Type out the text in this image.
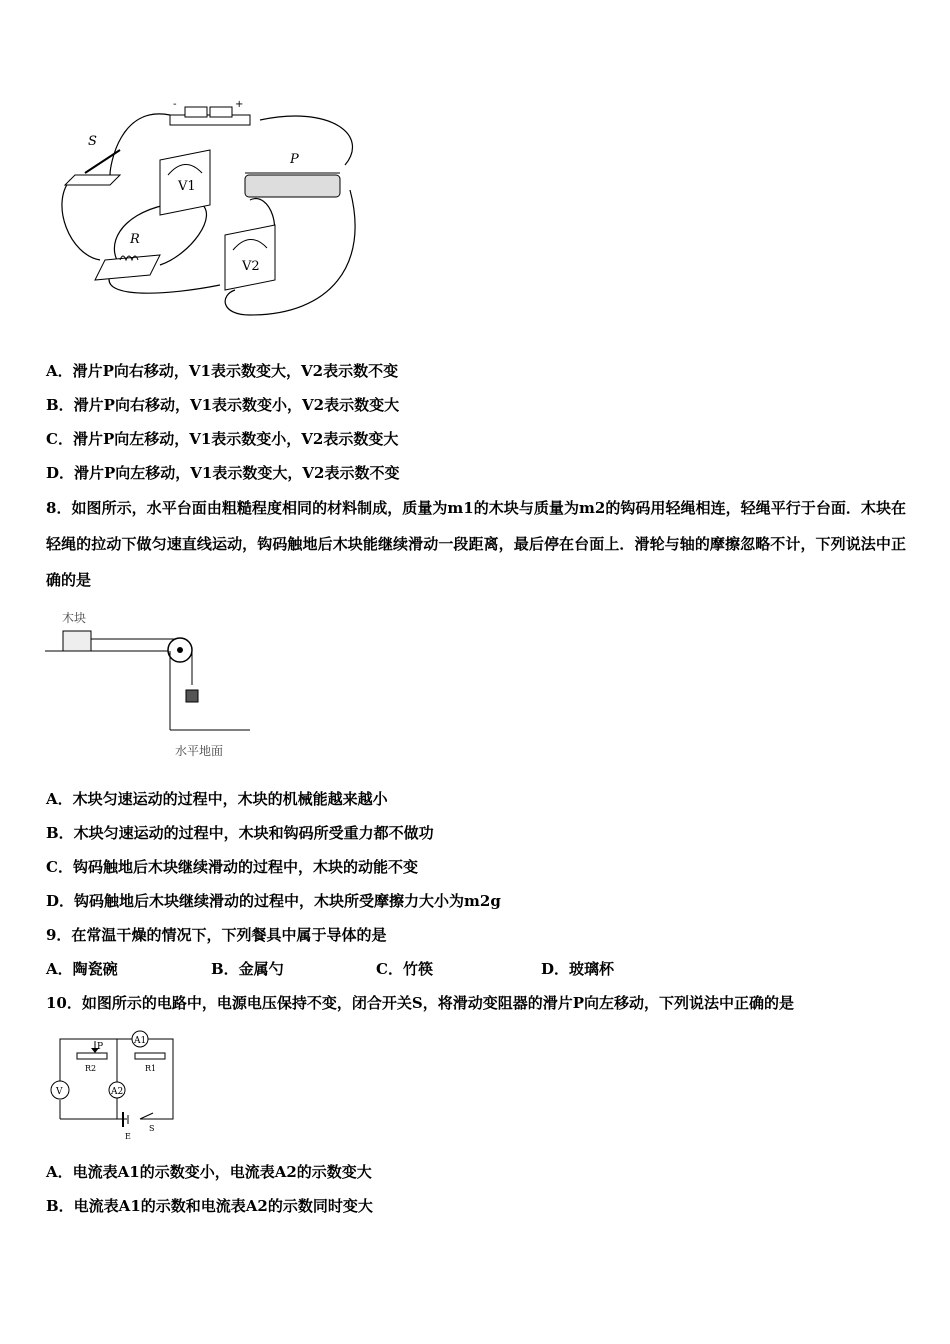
-	+
S
V1
P
R
V2
A．滑片P向右移动，V1表示数变大，V2表示数不变
B．滑片P向右移动，V1表示数变小，V2表示数变大
C．滑片P向左移动，V1表示数变小，V2表示数变大
D．滑片P向左移动，V1表示数变大，V2表示数不变
8．如图所示，水平台面由粗糙程度相同的材料制成，质量为m1的木块与质量为m2的钩码用轻绳相连，轻绳平行于台面．木块在轻绳的拉动下做匀速直线运动，钩码触地后木块能继续滑动一段距离，最后停在台面上．滑轮与轴的摩擦忽略不计，下列说法中正确的是
木块
水平地面
A．木块匀速运动的过程中，木块的机械能越来越小
B．木块匀速运动的过程中，木块和钩码所受重力都不做功
C．钩码触地后木块继续滑动的过程中，木块的动能不变
D．钩码触地后木块继续滑动的过程中，木块所受摩擦力大小为m2g
9．在常温干燥的情况下，下列餐具中属于导体的是
A．陶瓷碗	B．金属勺	C．竹筷	D．玻璃杯
10．如图所示的电路中，电源电压保持不变，闭合开关S，将滑动变阻器的滑片P向左移动，下列说法中正确的是
A1
A2
V
P
R2	R1
E
S
A．电流表A1的示数变小，电流表A2的示数变大
B．电流表A1的示数和电流表A2的示数同时变大
